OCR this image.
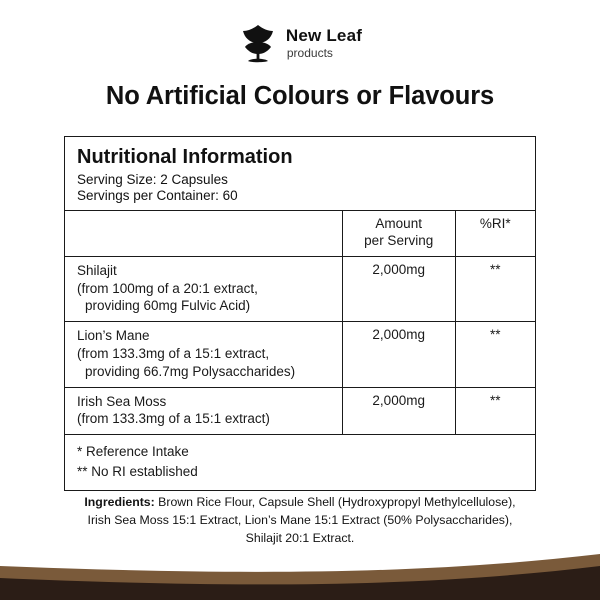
New Leaf
products
No Artificial Colours or Flavours
Nutritional Information
Serving Size: 2 Capsules
Servings per Container: 60

	Amount
per Serving	%RI*

Shilajit
(from 100mg of a 20:1 extract,
providing 60mg Fulvic Acid)	2,000mg	**

Lion’s Mane
(from 133.3mg of a 15:1 extract,
providing 66.7mg Polysaccharides)	2,000mg	**

Irish Sea Moss
(from 133.3mg of a 15:1 extract)	2,000mg	**

* Reference Intake
** No RI established		
Ingredients: Brown Rice Flour, Capsule Shell (Hydroxypropyl Methylcellulose),
Irish Sea Moss 15:1 Extract, Lion’s Mane 15:1 Extract (50% Polysaccharides),
Shilajit 20:1 Extract.
